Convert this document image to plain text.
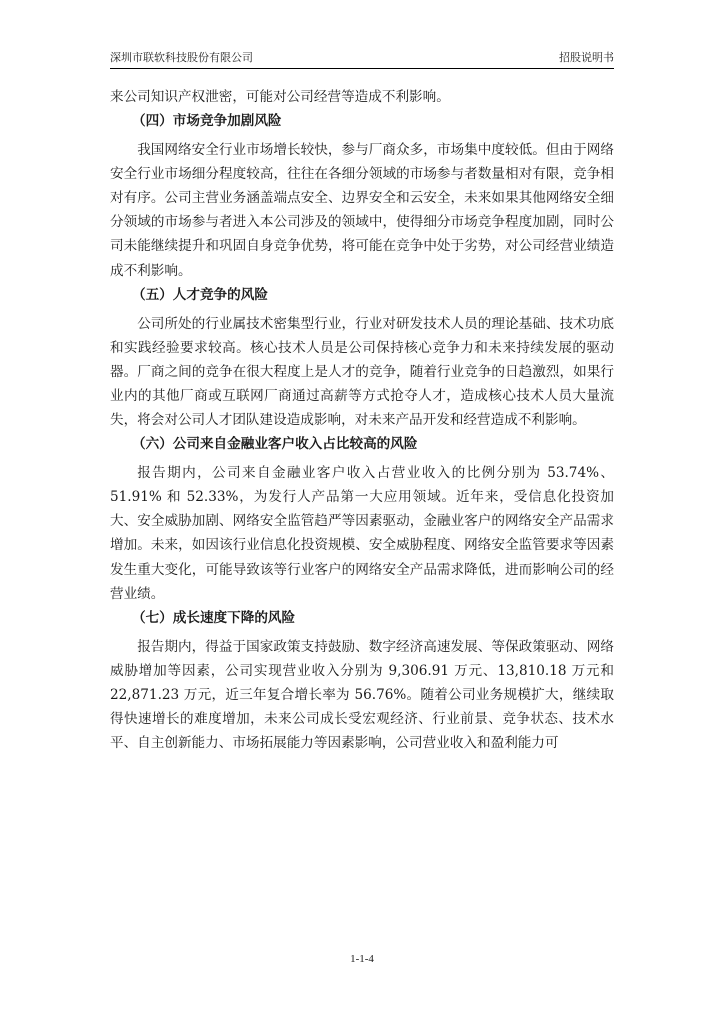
深圳市联软科技股份有限公司	招股说明书

来公司知识产权泄密，可能对公司经营等造成不利影响。

（四）市场竞争加剧风险

我国网络安全行业市场增长较快，参与厂商众多，市场集中度较低。但由于网络安全行业市场细分程度较高，往往在各细分领域的市场参与者数量相对有限，竞争相对有序。公司主营业务涵盖端点安全、边界安全和云安全，未来如果其他网络安全细分领域的市场参与者进入本公司涉及的领域中，使得细分市场竞争程度加剧，同时公司未能继续提升和巩固自身竞争优势，将可能在竞争中处于劣势，对公司经营业绩造成不利影响。

（五）人才竞争的风险

公司所处的行业属技术密集型行业，行业对研发技术人员的理论基础、技术功底和实践经验要求较高。核心技术人员是公司保持核心竞争力和未来持续发展的驱动器。厂商之间的竞争在很大程度上是人才的竞争，随着行业竞争的日趋激烈，如果行业内的其他厂商或互联网厂商通过高薪等方式抢夺人才，造成核心技术人员大量流失，将会对公司人才团队建设造成影响，对未来产品开发和经营造成不利影响。

（六）公司来自金融业客户收入占比较高的风险

报告期内，公司来自金融业客户收入占营业收入的比例分别为 53.74%、51.91% 和 52.33%，为发行人产品第一大应用领域。近年来，受信息化投资加大、安全威胁加剧、网络安全监管趋严等因素驱动，金融业客户的网络安全产品需求增加。未来，如因该行业信息化投资规模、安全威胁程度、网络安全监管要求等因素发生重大变化，可能导致该等行业客户的网络安全产品需求降低，进而影响公司的经营业绩。

（七）成长速度下降的风险

报告期内，得益于国家政策支持鼓励、数字经济高速发展、等保政策驱动、网络威胁增加等因素，公司实现营业收入分别为 9,306.91 万元、13,810.18 万元和 22,871.23 万元，近三年复合增长率为 56.76%。随着公司业务规模扩大，继续取得快速增长的难度增加，未来公司成长受宏观经济、行业前景、竞争状态、技术水平、自主创新能力、市场拓展能力等因素影响，公司营业收入和盈利能力可

1-1-4
